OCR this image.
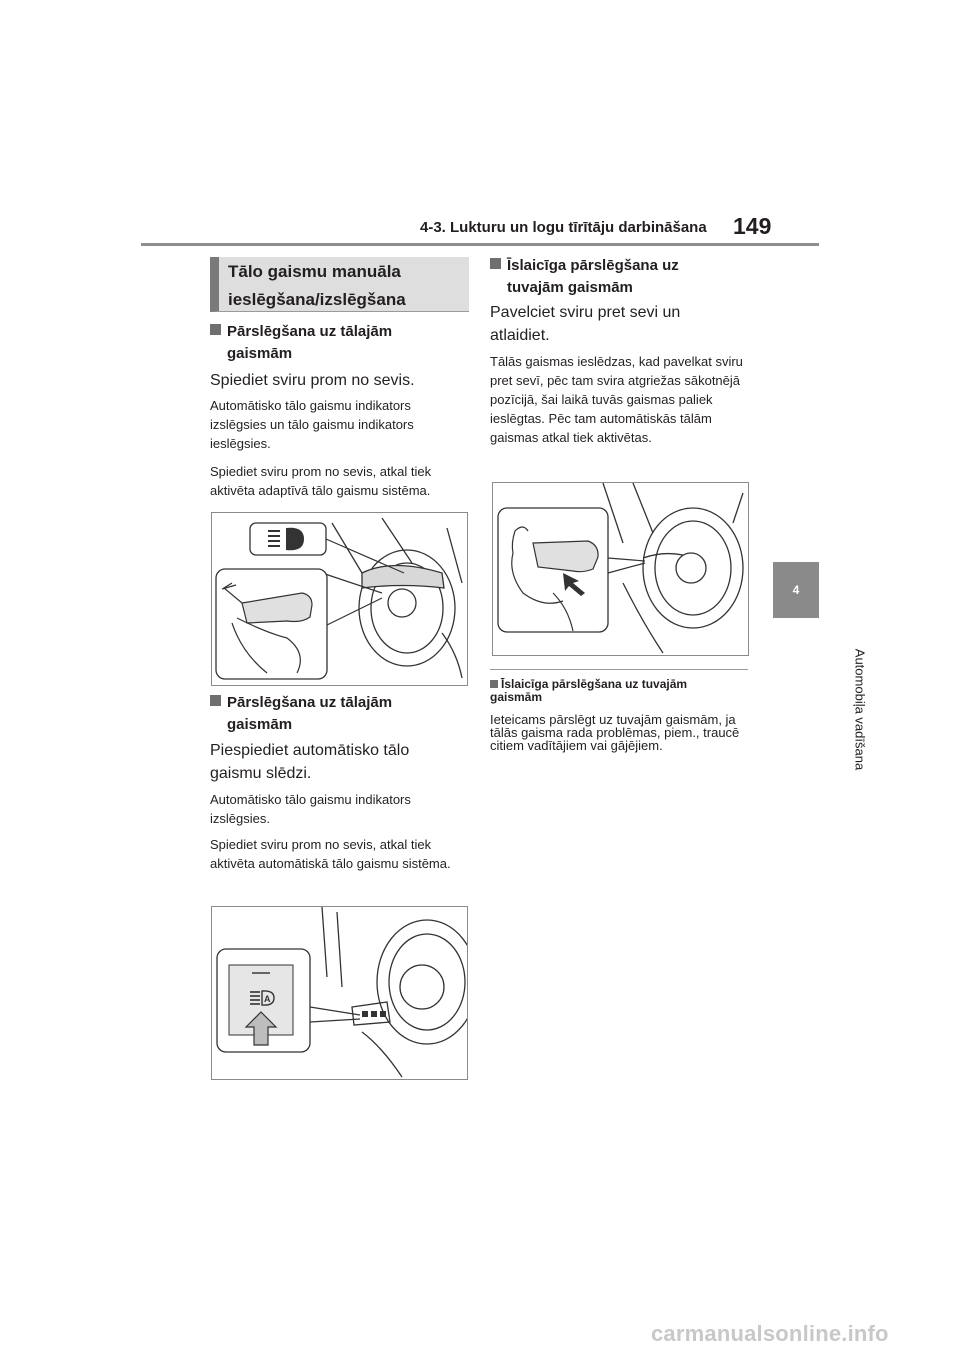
4-3. Lukturu un logu tīrītāju darbināšana 149
4
Automobiļa vadīšana
Tālo gaismu manuāla
ieslēgšana/izslēgšana
Pārslēgšana uz tālajām
gaismām
Spiediet sviru prom no sevis.
Automātisko tālo gaismu indikators izslēgsies un tālo gaismu indikators ieslēgsies.
Spiediet sviru prom no sevis, atkal tiek aktivēta adaptīvā tālo gaismu sistēma.
Pārslēgšana uz tālajām
gaismām
Piespiediet automātisko tālo gaismu slēdzi.
Automātisko tālo gaismu indikators izslēgsies.
Spiediet sviru prom no sevis, atkal tiek aktivēta automātiskā tālo gaismu sistēma.
A
Īslaicīga pārslēgšana uz
tuvajām gaismām
Pavelciet sviru pret sevi un atlaidiet.
Tālās gaismas ieslēdzas, kad pavelkat sviru pret sevī, pēc tam svira atgriežas sākotnējā pozīcijā, šai laikā tuvās gaismas paliek ieslēgtas. Pēc tam automātiskās tālām gaismas atkal tiek aktivētas.
Īslaicīga pārslēgšana uz tuvajām
gaismām
Ieteicams pārslēgt uz tuvajām gaismām, ja tālās gaisma rada problēmas, piem., traucē citiem vadītājiem vai gājējiem.
carmanualsonline.info
